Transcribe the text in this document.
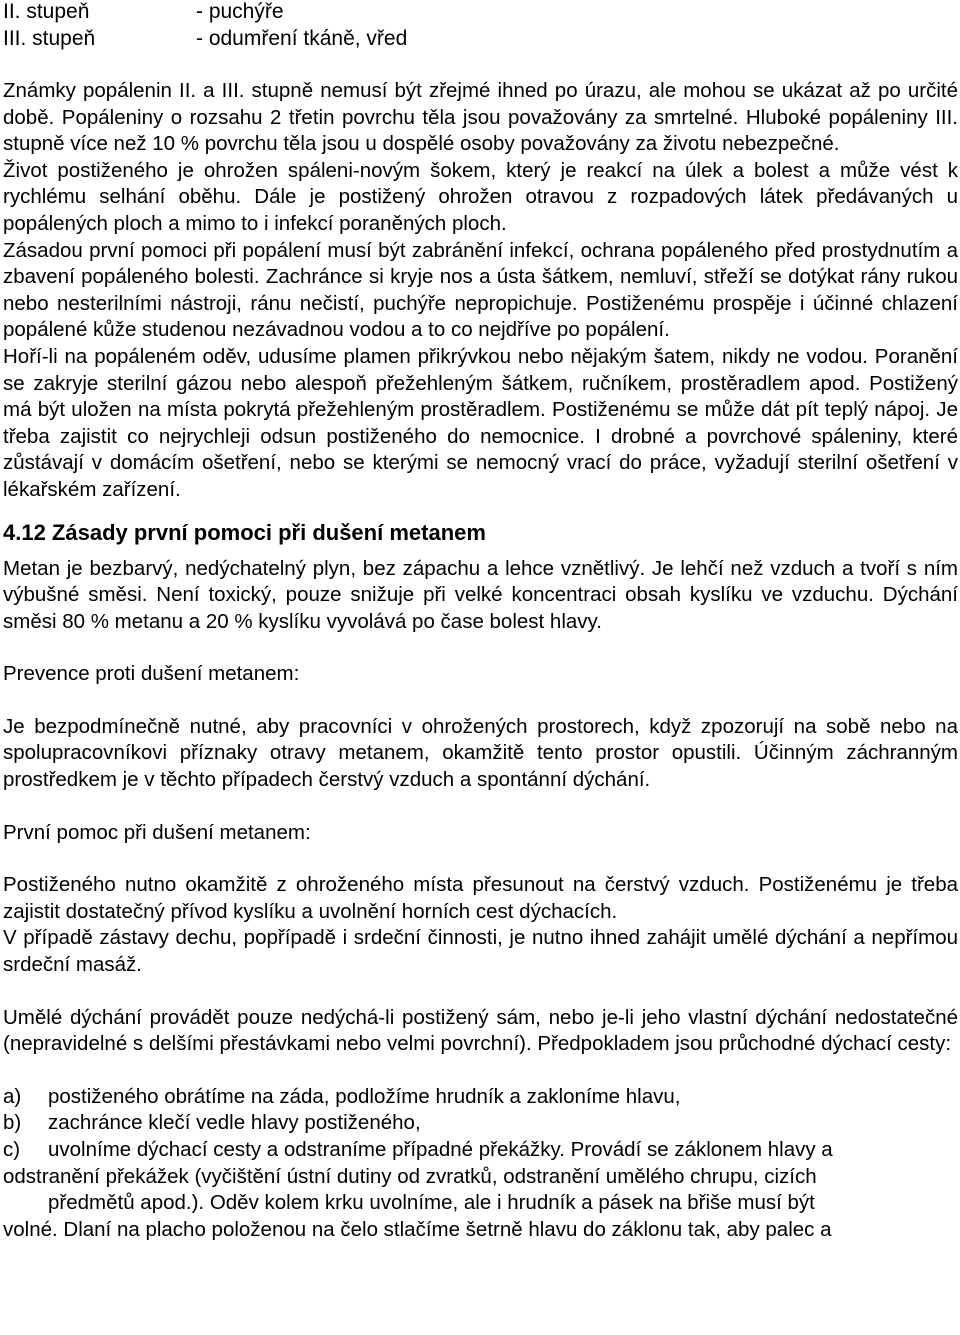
II. stupeň	- puchýře
III. stupeň	- odumření tkáně, vřed

Známky popálenin II. a III. stupně nemusí být zřejmé ihned po úrazu, ale mohou se ukázat až po určité době. Popáleniny o rozsahu 2 třetin povrchu těla jsou považovány za smrtelné. Hluboké popáleniny III. stupně více než 10 % povrchu těla jsou u dospělé osoby považovány za životu nebezpečné.

Život postiženého je ohrožen spáleni-novým šokem, který je reakcí na úlek a bolest a může vést k rychlému selhání oběhu. Dále je postižený ohrožen otravou z rozpadových látek předávaných u popálených ploch a mimo to i infekcí poraněných ploch.

Zásadou první pomoci při popálení musí být zabránění infekcí, ochrana popáleného před prostydnutím a zbavení popáleného bolesti. Zachránce si kryje nos a ústa šátkem, nemluví, střeží se dotýkat rány rukou nebo nesterilními nástroji, ránu nečistí, puchýře nepropichuje. Postiženému prospěje i účinné chlazení popálené kůže studenou nezávadnou vodou a to co nejdříve po popálení.

Hoří-li na popáleném oděv, udusíme plamen přikrývkou nebo nějakým šatem, nikdy ne vodou. Poranění se zakryje sterilní gázou nebo alespoň přežehleným šátkem, ručníkem, prostěradlem apod. Postižený má být uložen na místa pokrytá přežehleným prostěradlem. Postiženému se může dát pít teplý nápoj. Je třeba zajistit co nejrychleji odsun postiženého do nemocnice. I drobné a povrchové spáleniny, které zůstávají v domácím ošetření, nebo se kterými se nemocný vrací do práce, vyžadují sterilní ošetření v lékařském zařízení.

4.12 Zásady první pomoci při dušení metanem

Metan je bezbarvý, nedýchatelný plyn, bez zápachu a lehce vznětlivý. Je lehčí než vzduch a tvoří s ním výbušné směsi. Není toxický, pouze snižuje při velké koncentraci obsah kyslíku ve vzduchu. Dýchání směsi 80 % metanu a 20 % kyslíku vyvolává po čase bolest hlavy.

Prevence proti dušení metanem:

Je bezpodmínečně nutné, aby pracovníci v ohrožených prostorech, když zpozorují na sobě nebo na spolupracovníkovi příznaky otravy metanem, okamžitě tento prostor opustili. Účinným záchranným prostředkem je v těchto případech čerstvý vzduch a spontánní dýchání.

První pomoc při dušení metanem:

Postiženého nutno okamžitě z ohroženého místa přesunout na čerstvý vzduch. Postiženému je třeba zajistit dostatečný přívod kyslíku a uvolnění horních cest dýchacích.

V případě zástavy dechu, popřípadě i srdeční činnosti, je nutno ihned zahájit umělé dýchání a nepřímou srdeční masáž.

Umělé dýchání provádět pouze nedýchá-li postižený sám, nebo je-li jeho vlastní dýchání nedostatečné (nepravidelné s delšími přestávkami nebo velmi povrchní). Předpokladem jsou průchodné dýchací cesty:

a)	postiženého obrátíme na záda, podložíme hrudník a zakloníme hlavu,
b)	zachránce klečí vedle hlavy postiženého,
c)	uvolníme dýchací cesty a odstraníme případné překážky. Provádí se záklonem hlavy a
odstranění překážek (vyčištění ústní dutiny od zvratků, odstranění umělého chrupu, cizích
předmětů apod.). Oděv kolem krku uvolníme, ale i hrudník a pásek na břiše musí být
volné. Dlaní na placho položenou na čelo stlačíme šetrně hlavu do záklonu tak, aby palec a
